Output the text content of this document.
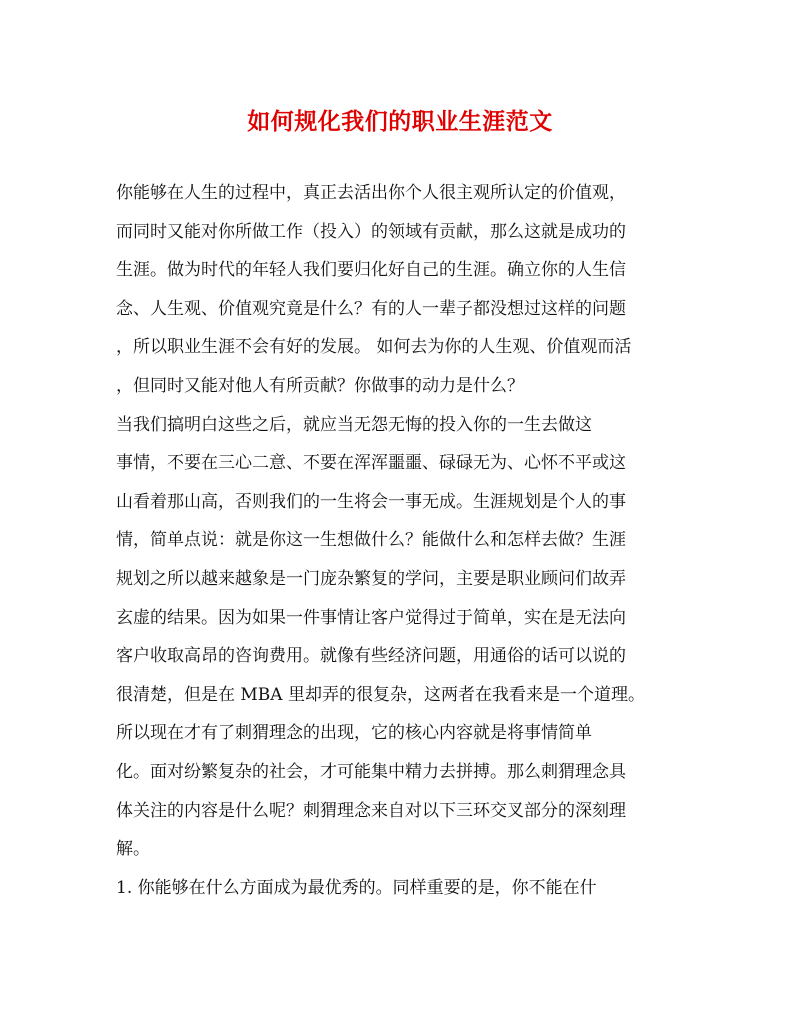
如何规化我们的职业生涯范文
你能够在人生的过程中，真正去活出你个人很主观所认定的价值观，
而同时又能对你所做工作（投入）的领域有贡献，那么这就是成功的
生涯。做为时代的年轻人我们要归化好自己的生涯。确立你的人生信
念、人生观、价值观究竟是什么？有的人一辈子都没想过这样的问题
，所以职业生涯不会有好的发展。 如何去为你的人生观、价值观而活
，但同时又能对他人有所贡献？你做事的动力是什么？
当我们搞明白这些之后，就应当无怨无悔的投入你的一生去做这
事情，不要在三心二意、不要在浑浑噩噩、碌碌无为、心怀不平或这
山看着那山高，否则我们的一生将会一事无成。生涯规划是个人的事
情，简单点说：就是你这一生想做什么？能做什么和怎样去做？生涯
规划之所以越来越象是一门庞杂繁复的学问，主要是职业顾问们故弄
玄虚的结果。因为如果一件事情让客户觉得过于简单，实在是无法向
客户收取高昂的咨询费用。就像有些经济问题，用通俗的话可以说的
很清楚，但是在 MBA 里却弄的很复杂，这两者在我看来是一个道理。
所以现在才有了刺猬理念的出现，它的核心内容就是将事情简单
化。面对纷繁复杂的社会，才可能集中精力去拼搏。那么刺猬理念具
体关注的内容是什么呢？刺猬理念来自对以下三环交叉部分的深刻理
解。
1. 你能够在什么方面成为最优秀的。同样重要的是，你不能在什
